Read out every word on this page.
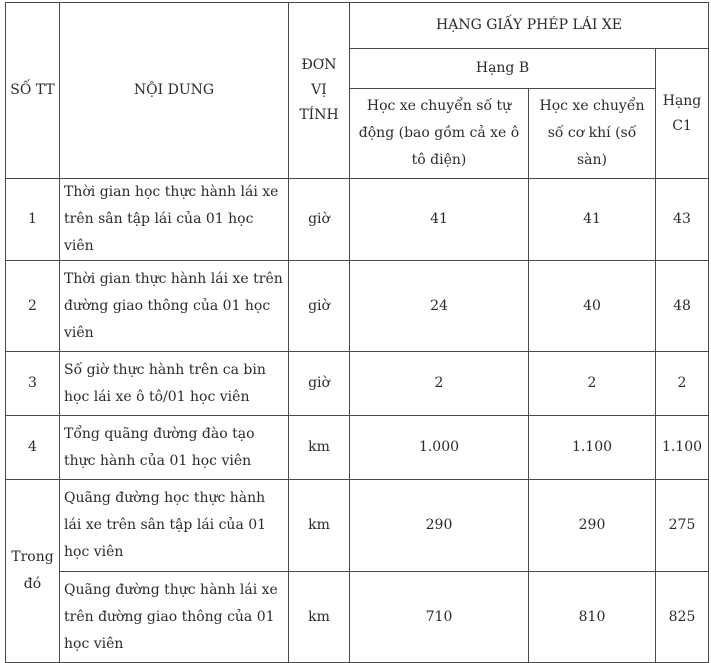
SỐ TT	NỘI DUNG	ĐƠN VỊ TÍNH	HẠNG GIẤY PHÉP LÁI XE		
			Hạng B		Hạng C1
			Học xe chuyển số tự động (bao gồm cả xe ô tô điện)	Học xe chuyển số cơ khí (số sàn)	
1	Thời gian học thực hành lái xe trên sân tập lái của 01 học viên	giờ	41	41	43
2	Thời gian thực hành lái xe trên đường giao thông của 01 học viên	giờ	24	40	48
3	Số giờ thực hành trên ca bin học lái xe ô tô/01 học viên	giờ	2	2	2
4	Tổng quãng đường đào tạo thực hành của 01 học viên	km	1.000	1.100	1.100
Trong đó	Quãng đường học thực hành lái xe trên sân tập lái của 01 học viên	km	290	290	275
	Quãng đường thực hành lái xe trên đường giao thông của 01 học viên	km	710	810	825
